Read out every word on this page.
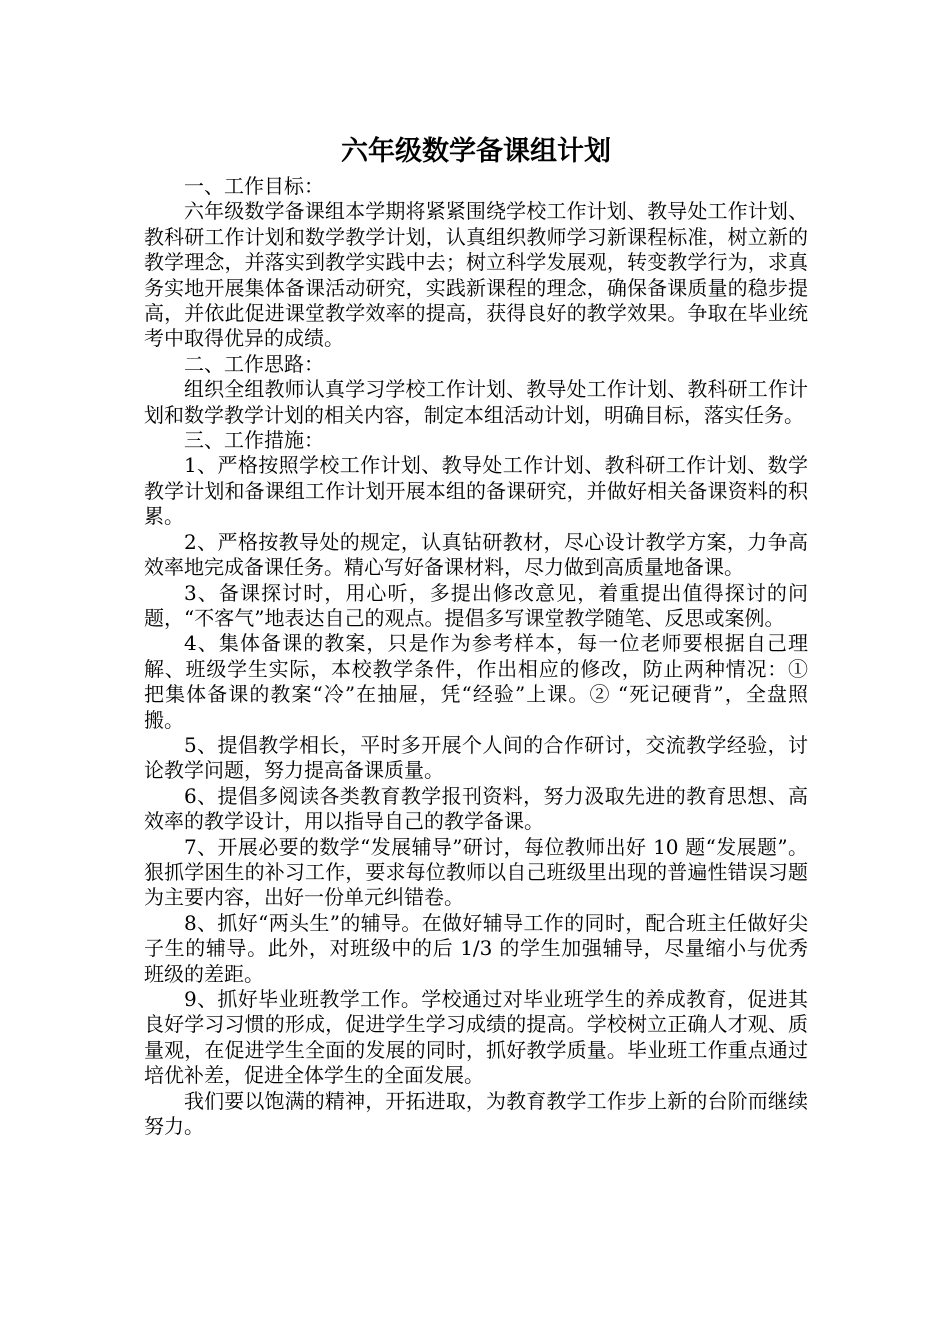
六年级数学备课组计划

一、工作目标：

六年级数学备课组本学期将紧紧围绕学校工作计划、教导处工作计划、教科研工作计划和数学教学计划，认真组织教师学习新课程标准，树立新的教学理念，并落实到教学实践中去；树立科学发展观，转变教学行为，求真务实地开展集体备课活动研究，实践新课程的理念，确保备课质量的稳步提高，并依此促进课堂教学效率的提高，获得良好的教学效果。争取在毕业统考中取得优异的成绩。

二、工作思路：

组织全组教师认真学习学校工作计划、教导处工作计划、教科研工作计划和数学教学计划的相关内容，制定本组活动计划，明确目标，落实任务。

三、工作措施：

1、严格按照学校工作计划、教导处工作计划、教科研工作计划、数学教学计划和备课组工作计划开展本组的备课研究，并做好相关备课资料的积累。

2、严格按教导处的规定，认真钻研教材，尽心设计教学方案，力争高效率地完成备课任务。精心写好备课材料，尽力做到高质量地备课。

3、备课探讨时，用心听，多提出修改意见，着重提出值得探讨的问题，“不客气”地表达自己的观点。提倡多写课堂教学随笔、反思或案例。

4、集体备课的教案，只是作为参考样本，每一位老师要根据自己理解、班级学生实际，本校教学条件，作出相应的修改，防止两种情况：① 把集体备课的教案“冷”在抽屉，凭“经验”上课。② “死记硬背”，全盘照搬。

5、提倡教学相长，平时多开展个人间的合作研讨，交流教学经验，讨论教学问题，努力提高备课质量。

6、提倡多阅读各类教育教学报刊资料，努力汲取先进的教育思想、高效率的教学设计，用以指导自己的教学备课。

7、开展必要的数学“发展辅导”研讨，每位教师出好 10 题“发展题”。狠抓学困生的补习工作，要求每位教师以自己班级里出现的普遍性错误习题为主要内容，出好一份单元纠错卷。

8、抓好“两头生”的辅导。在做好辅导工作的同时，配合班主任做好尖子生的辅导。此外，对班级中的后 1/3 的学生加强辅导，尽量缩小与优秀班级的差距。

9、抓好毕业班教学工作。学校通过对毕业班学生的养成教育，促进其良好学习习惯的形成，促进学生学习成绩的提高。学校树立正确人才观、质量观，在促进学生全面的发展的同时，抓好教学质量。毕业班工作重点通过培优补差，促进全体学生的全面发展。

我们要以饱满的精神，开拓进取，为教育教学工作步上新的台阶而继续努力。
